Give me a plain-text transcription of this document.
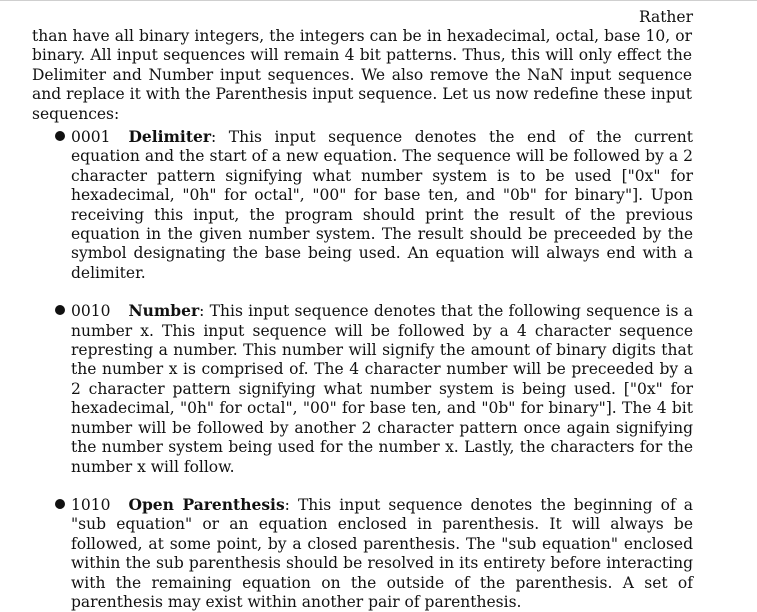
Rather

than have all binary integers, the integers can be in hexadecimal, octal, base 10, or binary. All input sequences will remain 4 bit patterns. Thus, this will only effect the Delimiter and Number input sequences. We also remove the NaN input sequence and replace it with the Parenthesis input sequence. Let us now redefine these input sequences:

0001 Delimiter: This input sequence denotes the end of the current equation and the start of a new equation. The sequence will be followed by a 2 character pattern signifying what number system is to be used ["0x" for hexadecimal, "0h" for octal", "00" for base ten, and "0b" for binary"]. Upon receiving this input, the program should print the result of the previous equation in the given number system. The result should be preceeded by the symbol designating the base being used. An equation will always end with a delimiter.
0010 Number: This input sequence denotes that the following sequence is a number x. This input sequence will be followed by a 4 character sequence represting a number. This number will signify the amount of binary digits that the number x is comprised of. The 4 character number will be preceeded by a 2 character pattern signifying what number system is being used. ["0x" for hexadecimal, "0h" for octal", "00" for base ten, and "0b" for binary"]. The 4 bit number will be followed by another 2 character pattern once again signifying the number system being used for the number x. Lastly, the characters for the number x will follow.
1010 Open Parenthesis: This input sequence denotes the beginning of a "sub equation" or an equation enclosed in parenthesis. It will always be followed, at some point, by a closed parenthesis. The "sub equation" enclosed within the sub parenthesis should be resolved in its entirety before interacting with the remaining equation on the outside of the parenthesis. A set of parenthesis may exist within another pair of parenthesis.
